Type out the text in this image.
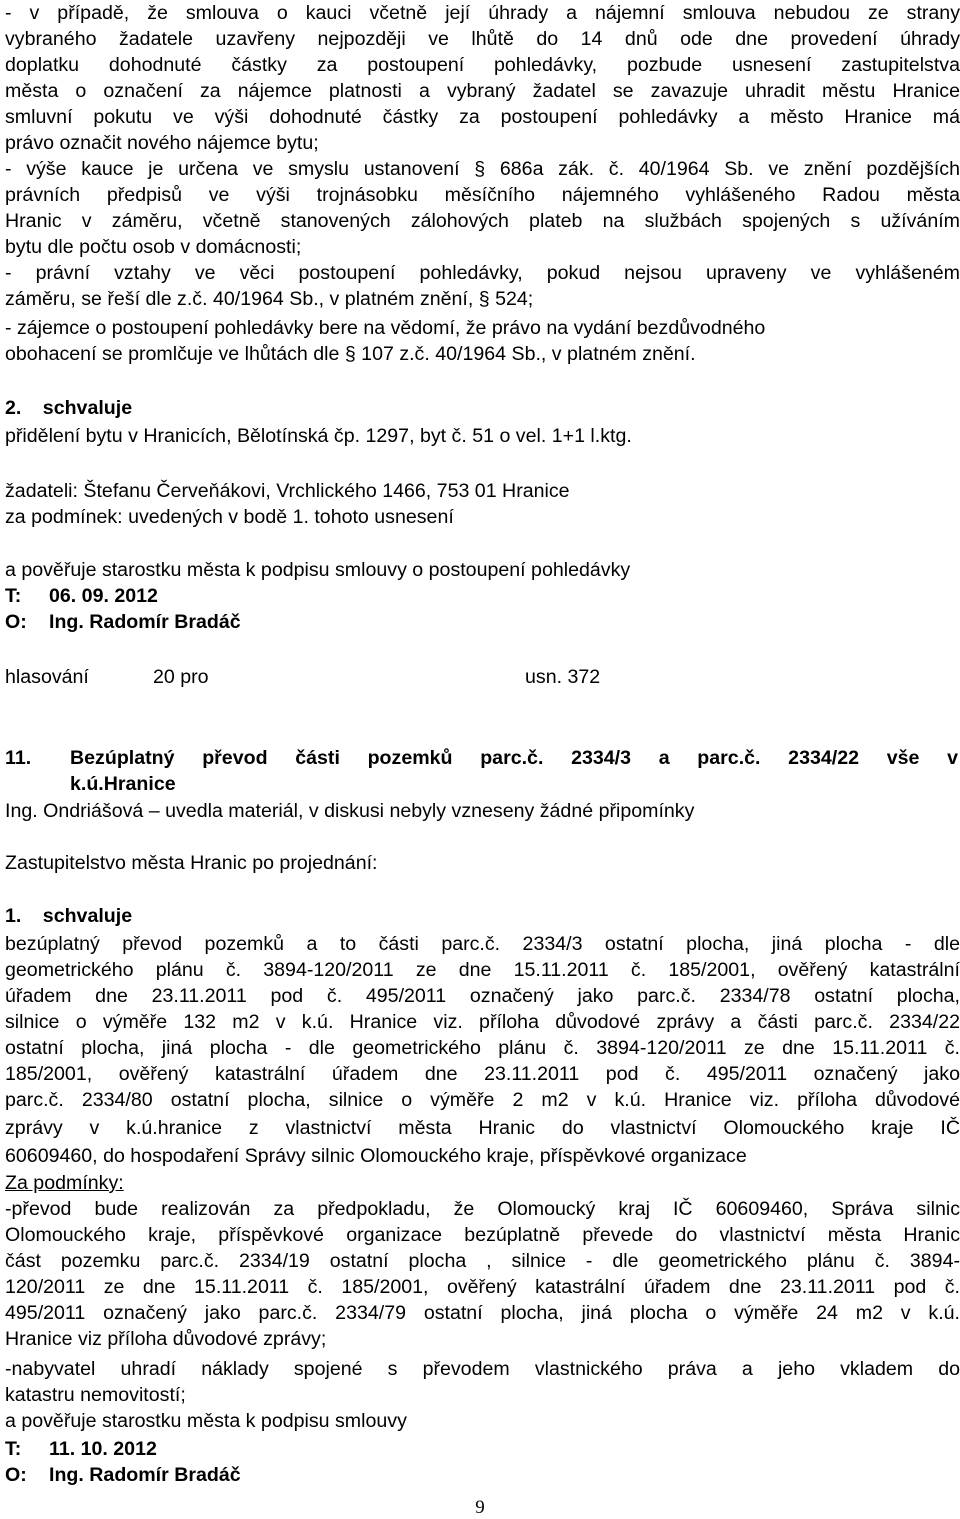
- v případě, že smlouva o kauci včetně její úhrady a nájemní smlouva nebudou ze strany
vybraného žadatele uzavřeny nejpozději ve lhůtě do 14 dnů ode dne provedení úhrady
doplatku dohodnuté částky za postoupení pohledávky, pozbude usnesení zastupitelstva
města o označení za nájemce platnosti a vybraný žadatel se zavazuje uhradit městu Hranice
smluvní pokutu ve výši dohodnuté částky za postoupení pohledávky a město Hranice má
právo označit nového nájemce bytu;
- výše kauce je určena ve smyslu ustanovení § 686a zák. č. 40/1964 Sb. ve znění pozdějších
právních předpisů ve výši trojnásobku měsíčního nájemného vyhlášeného Radou města
Hranic v záměru, včetně stanovených zálohových plateb na službách spojených s užíváním
bytu dle počtu osob v domácnosti;
- právní vztahy ve věci postoupení pohledávky, pokud nejsou upraveny ve vyhlášeném
záměru, se řeší dle z.č. 40/1964 Sb., v platném znění, § 524;
- zájemce o postoupení pohledávky bere na vědomí, že právo na vydání bezdůvodného
obohacení se promlčuje ve lhůtách dle § 107 z.č. 40/1964 Sb., v platném znění.
2. schvaluje
přidělení bytu v Hranicích, Bělotínská čp. 1297, byt č. 51 o vel. 1+1 l.ktg.
žadateli: Štefanu Červeňákovi, Vrchlického 1466, 753 01 Hranice
za podmínek: uvedených v bodě 1. tohoto usnesení
a pověřuje starostku města k podpisu smlouvy o postoupení pohledávky
T: 06. 09. 2012
O: Ing. Radomír Bradáč
hlasování	20 pro	usn. 372
11. Bezúplatný převod části pozemků parc.č. 2334/3 a parc.č. 2334/22 vše v
k.ú.Hranice
Ing. Ondriášová – uvedla materiál, v diskusi nebyly vzneseny žádné připomínky
Zastupitelstvo města Hranic po projednání:
1. schvaluje
bezúplatný převod pozemků a to části parc.č. 2334/3 ostatní plocha, jiná plocha - dle
geometrického plánu č. 3894-120/2011 ze dne 15.11.2011 č. 185/2001, ověřený katastrální
úřadem dne 23.11.2011 pod č. 495/2011 označený jako parc.č. 2334/78 ostatní plocha,
silnice o výměře 132 m2 v k.ú. Hranice viz. příloha důvodové zprávy a části parc.č. 2334/22
ostatní plocha, jiná plocha - dle geometrického plánu č. 3894-120/2011 ze dne 15.11.2011 č.
185/2001, ověřený katastrální úřadem dne 23.11.2011 pod č. 495/2011 označený jako
parc.č. 2334/80 ostatní plocha, silnice o výměře 2 m2 v k.ú. Hranice viz. příloha důvodové
zprávy v k.ú.hranice z vlastnictví města Hranic do vlastnictví Olomouckého kraje IČ
60609460, do hospodaření Správy silnic Olomouckého kraje, příspěvkové organizace
Za podmínky:
-převod bude realizován za předpokladu, že Olomoucký kraj IČ 60609460, Správa silnic
Olomouckého kraje, příspěvkové organizace bezúplatně převede do vlastnictví města Hranic
část pozemku parc.č. 2334/19 ostatní plocha , silnice - dle geometrického plánu č. 3894-
120/2011 ze dne 15.11.2011 č. 185/2001, ověřený katastrální úřadem dne 23.11.2011 pod č.
495/2011 označený jako parc.č. 2334/79 ostatní plocha, jiná plocha o výměře 24 m2 v k.ú.
Hranice viz příloha důvodové zprávy;
-nabyvatel uhradí náklady spojené s převodem vlastnického práva a jeho vkladem do
katastru nemovitostí;
a pověřuje starostku města k podpisu smlouvy
T: 11. 10. 2012
O: Ing. Radomír Bradáč
9
